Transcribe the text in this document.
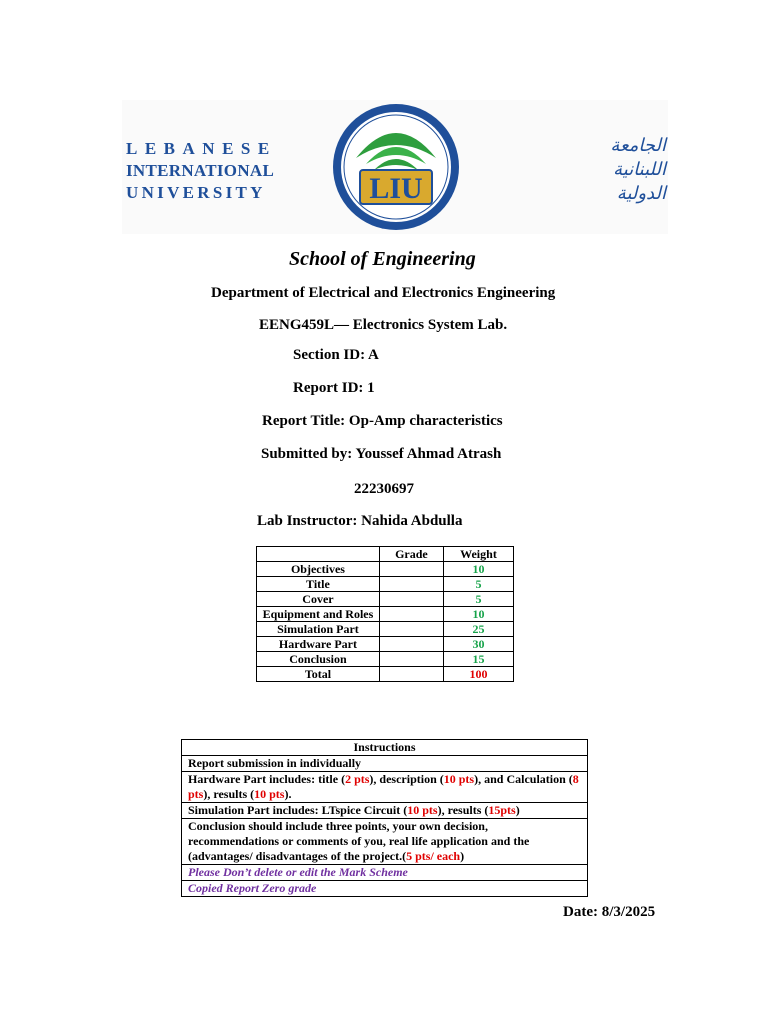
LEBANESE
INTERNATIONAL
UNIVERSITY	LIU
الجامعة
اللبنانية
الدولية
School of Engineering
Department of Electrical and Electronics Engineering
EENG459L— Electronics System Lab.
Section ID: A
Report ID: 1
Report Title: Op-Amp characteristics
Submitted by: Youssef Ahmad Atrash
22230697
Lab Instructor: Nahida Abdulla
	Grade	Weight
Objectives		10
Title		5
Cover		5
Equipment and Roles		10
Simulation Part		25
Hardware Part		30
Conclusion		15
Total		100
Instructions
Report submission in individually
Hardware Part includes: title (2 pts), description (10 pts), and Calculation (8 pts), results (10 pts).
Simulation Part includes: LTspice Circuit (10 pts), results (15pts)
Conclusion should include three points, your own decision, recommendations or comments of you, real life application and the (advantages/ disadvantages of the project.(5 pts/ each)
Please Don’t delete or edit the Mark Scheme
Copied Report Zero grade
Date: 8/3/2025
